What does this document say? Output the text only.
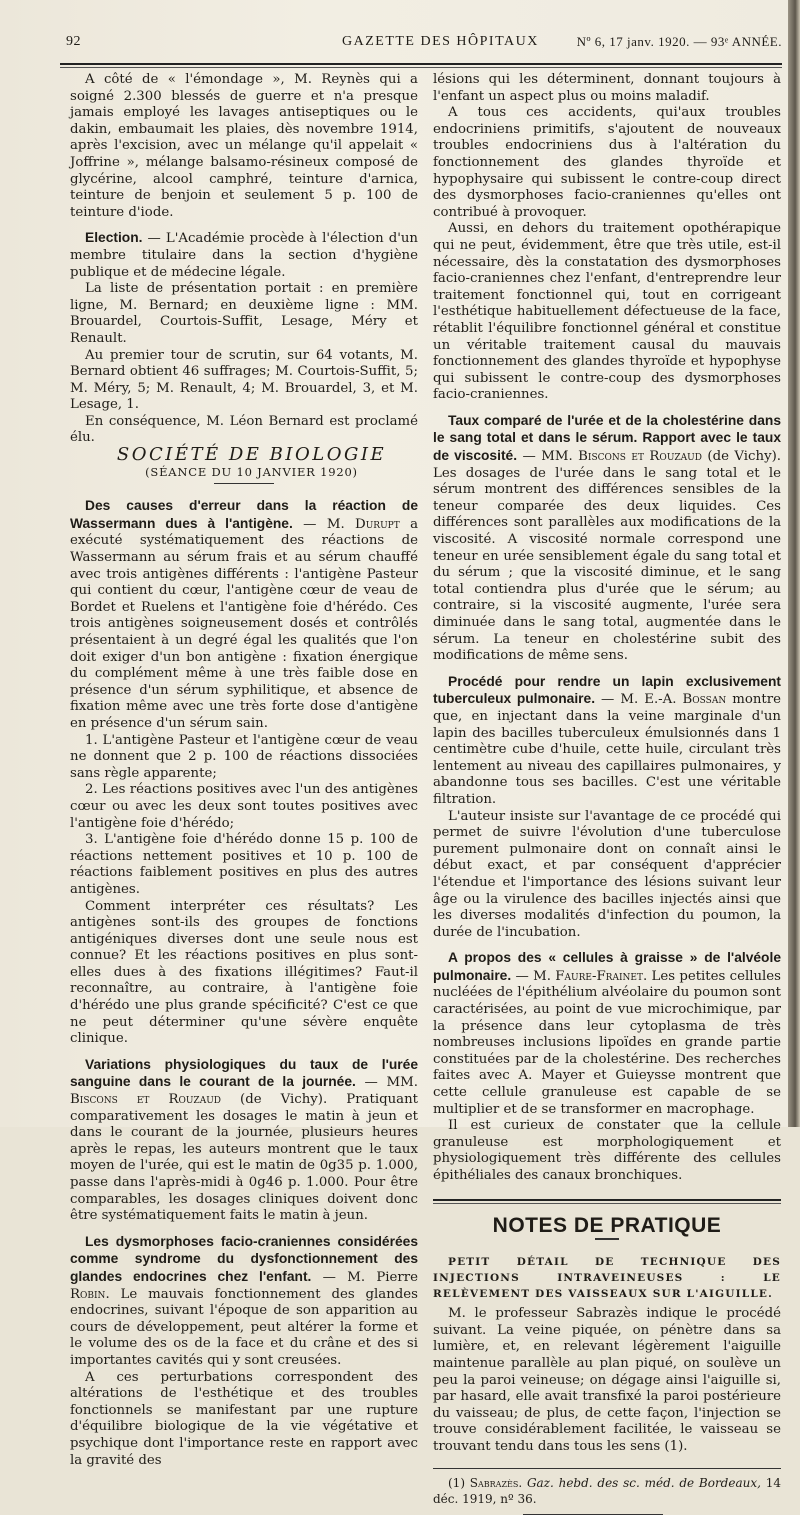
92	GAZETTE DES HÔPITAUX	Nº 6, 17 janv. 1920. — 93ᵉ ANNÉE.

A côté de « l'émondage », M. Reynès qui a soigné 2.300 blessés de guerre et n'a presque jamais employé les lavages antiseptiques ou le dakin, embaumait les plaies, dès novembre 1914, après l'excision, avec un mélange qu'il appelait « Joffrine », mélange balsamo-résineux composé de glycérine, alcool camphré, teinture d'arnica, teinture de benjoin et seulement 5 p. 100 de teinture d'iode.

Election. — L'Académie procède à l'élection d'un membre titulaire dans la section d'hygiène publique et de médecine légale.

La liste de présentation portait : en première ligne, M. Bernard; en deuxième ligne : MM. Brouardel, Courtois-Suffit, Lesage, Méry et Renault.

Au premier tour de scrutin, sur 64 votants, M. Bernard obtient 46 suffrages; M. Courtois-Suffit, 5; M. Méry, 5; M. Renault, 4; M. Brouardel, 3, et M. Lesage, 1.

En conséquence, M. Léon Bernard est proclamé élu.

SOCIÉTÉ DE BIOLOGIE

(SÉANCE DU 10 JANVIER 1920)

Des causes d'erreur dans la réaction de Wassermann dues à l'antigène. — M. Durupt a exécuté systématiquement des réactions de Wassermann au sérum frais et au sérum chauffé avec trois antigènes différents : l'antigène Pasteur qui contient du cœur, l'antigène cœur de veau de Bordet et Ruelens et l'antigène foie d'hérédo. Ces trois antigènes soigneusement dosés et contrôlés présentaient à un degré égal les qualités que l'on doit exiger d'un bon antigène : fixation énergique du complément même à une très faible dose en présence d'un sérum syphilitique, et absence de fixation même avec une très forte dose d'antigène en présence d'un sérum sain.

1. L'antigène Pasteur et l'antigène cœur de veau ne donnent que 2 p. 100 de réactions dissociées sans règle apparente;

2. Les réactions positives avec l'un des antigènes cœur ou avec les deux sont toutes positives avec l'antigène foie d'hérédo;

3. L'antigène foie d'hérédo donne 15 p. 100 de réactions nettement positives et 10 p. 100 de réactions faiblement positives en plus des autres antigènes.

Comment interpréter ces résultats? Les antigènes sont-ils des groupes de fonctions antigéniques diverses dont une seule nous est connue? Et les réactions positives en plus sont-elles dues à des fixations illégitimes? Faut-il reconnaître, au contraire, à l'antigène foie d'hérédo une plus grande spécificité? C'est ce que ne peut déterminer qu'une sévère enquête clinique.

Variations physiologiques du taux de l'urée sanguine dans le courant de la journée. — MM. Biscons et Rouzaud (de Vichy). Pratiquant comparativement les dosages le matin à jeun et dans le courant de la journée, plusieurs heures après le repas, les auteurs montrent que le taux moyen de l'urée, qui est le matin de 0g35 p. 1.000, passe dans l'après-midi à 0g46 p. 1.000. Pour être comparables, les dosages cliniques doivent donc être systématiquement faits le matin à jeun.

Les dysmorphoses facio-craniennes considérées comme syndrome du dysfonctionnement des glandes endocrines chez l'enfant. — M. Pierre Robin. Le mauvais fonctionnement des glandes endocrines, suivant l'époque de son apparition au cours de développement, peut altérer la forme et le volume des os de la face et du crâne et des si importantes cavités qui y sont creusées.

A ces perturbations correspondent des altérations de l'esthétique et des troubles fonctionnels se manifestant par une rupture d'équilibre biologique de la vie végétative et psychique dont l'importance reste en rapport avec la gravité des

lésions qui les déterminent, donnant toujours à l'enfant un aspect plus ou moins maladif.

A tous ces accidents, qui'aux troubles endocriniens primitifs, s'ajoutent de nouveaux troubles endocriniens dus à l'altération du fonctionnement des glandes thyroïde et hypophysaire qui subissent le contre-coup direct des dysmorphoses facio-craniennes qu'elles ont contribué à provoquer.

Aussi, en dehors du traitement opothérapique qui ne peut, évidemment, être que très utile, est-il nécessaire, dès la constatation des dysmorphoses facio-craniennes chez l'enfant, d'entreprendre leur traitement fonctionnel qui, tout en corrigeant l'esthétique habituellement défectueuse de la face, rétablit l'équilibre fonctionnel général et constitue un véritable traitement causal du mauvais fonctionnement des glandes thyroïde et hypophyse qui subissent le contre-coup des dysmorphoses facio-craniennes.

Taux comparé de l'urée et de la cholestérine dans le sang total et dans le sérum. Rapport avec le taux de viscosité. — MM. Biscons et Rouzaud (de Vichy). Les dosages de l'urée dans le sang total et le sérum montrent des différences sensibles de la teneur comparée des deux liquides. Ces différences sont parallèles aux modifications de la viscosité. A viscosité normale correspond une teneur en urée sensiblement égale du sang total et du sérum ; que la viscosité diminue, et le sang total contiendra plus d'urée que le sérum; au contraire, si la viscosité augmente, l'urée sera diminuée dans le sang total, augmentée dans le sérum. La teneur en cholestérine subit des modifications de même sens.

Procédé pour rendre un lapin exclusivement tuberculeux pulmonaire. — M. E.-A. Bossan montre que, en injectant dans la veine marginale d'un lapin des bacilles tuberculeux émulsionnés dans 1 centimètre cube d'huile, cette huile, circulant très lentement au niveau des capillaires pulmonaires, y abandonne tous ses bacilles. C'est une véritable filtration.

L'auteur insiste sur l'avantage de ce procédé qui permet de suivre l'évolution d'une tuberculose purement pulmonaire dont on connaît ainsi le début exact, et par conséquent d'apprécier l'étendue et l'importance des lésions suivant leur âge ou la virulence des bacilles injectés ainsi que les diverses modalités d'infection du poumon, la durée de l'incubation.

A propos des « cellules à graisse » de l'alvéole pulmonaire. — M. Faure-Frainet. Les petites cellules nucléées de l'épithélium alvéolaire du poumon sont caractérisées, au point de vue microchimique, par la présence dans leur cytoplasma de très nombreuses inclusions lipoïdes en grande partie constituées par de la cholestérine. Des recherches faites avec A. Mayer et Guieysse montrent que cette cellule granuleuse est capable de se multiplier et de se transformer en macrophage.

Il est curieux de constater que la cellule granuleuse est morphologiquement et physiologiquement très différente des cellules épithéliales des canaux bronchiques.

NOTES DE PRATIQUE

PETIT DÉTAIL DE TECHNIQUE DES INJECTIONS INTRAVEINEUSES : LE RELÈVEMENT DES VAISSEAUX SUR L'AIGUILLE.

M. le professeur Sabrazès indique le procédé suivant. La veine piquée, on pénètre dans sa lumière, et, en relevant légèrement l'aiguille maintenue parallèle au plan piqué, on soulève un peu la paroi veineuse; on dégage ainsi l'aiguille si, par hasard, elle avait transfixé la paroi postérieure du vaisseau; de plus, de cette façon, l'injection se trouve considérablement facilitée, le vaisseau se trouvant tendu dans tous les sens (1).

(1) Sabrazès. Gaz. hebd. des sc. méd. de Bordeaux, 14 déc. 1919, nº 36.
